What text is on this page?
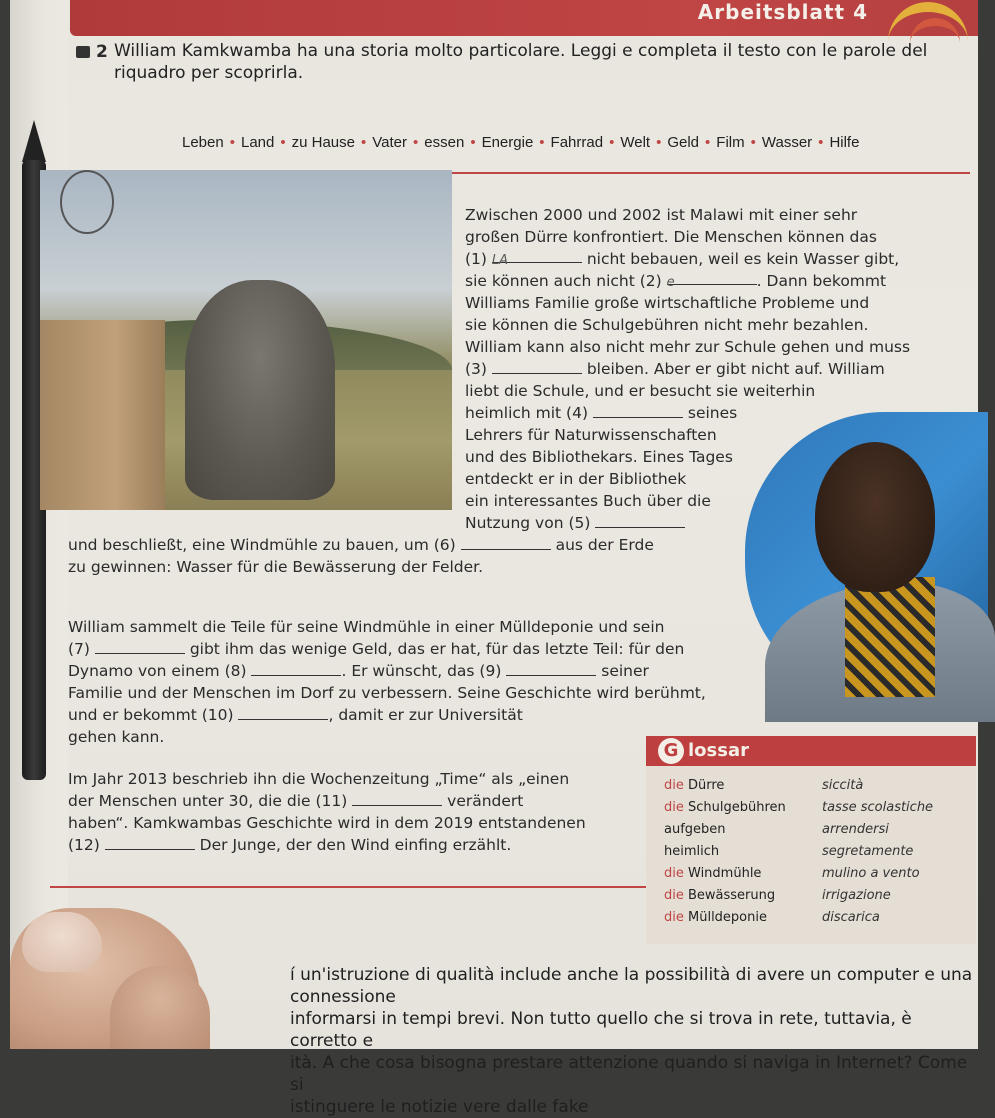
Arbeitsblatt 4
2 William Kamkwamba ha una storia molto particolare. Leggi e completa il testo con le parole del riquadro per scoprirla.
Leben • Land • zu Hause • Vater • essen • Energie • Fahrrad • Welt • Geld • Film • Wasser • Hilfe
Zwischen 2000 und 2002 ist Malawi mit einer sehr
großen Dürre konfrontiert. Die Menschen können das
(1) LA	nicht bebauen, weil es kein Wasser gibt,
sie können auch nicht (2) e	. Dann bekommt
Williams Familie große wirtschaftliche Probleme und
sie können die Schulgebühren nicht mehr bezahlen.
William kann also nicht mehr zur Schule gehen und muss
(3)	bleiben. Aber er gibt nicht auf. William
liebt die Schule, und er besucht sie weiterhin
heimlich mit (4)	seines
Lehrers für Naturwissenschaften
und des Bibliothekars. Eines Tages
entdeckt er in der Bibliothek
ein interessantes Buch über die
Nutzung von (5)
William sammelt die Teile für seine Windmühle in einer Mülldeponie und sein
(7)	gibt ihm das wenige Geld, das er hat, für das letzte Teil: für den
Dynamo von einem (8)	. Er wünscht, das (9)	seiner
Familie und der Menschen im Dorf zu verbessern. Seine Geschichte wird berühmt,
und er bekommt (10)	, damit er zur Universität
gehen kann.
Im Jahr 2013 beschrieb ihn die Wochenzeitung „Time“ als „einen
der Menschen unter 30, die die (11)	verändert
haben“. Kamkwambas Geschichte wird in dem 2019 entstandenen
(12)	Der Junge, der den Wind einfing erzählt.
G lossar
die Dürre	siccità
die Schulgebühren	tasse scolastiche
aufgeben	arrendersi
heimlich	segretamente
die Windmühle	mulino a vento
die Bewässerung	irrigazione
die Mülldeponie	discarica
í un'istruzione di qualità include anche la possibilità di avere un computer e una connessione
informarsi in tempi brevi. Non tutto quello che si trova in rete, tuttavia, è corretto e
ità. A che cosa bisogna prestare attenzione quando si naviga in Internet? Come si
istinguere le notizie vere dalle fake
und beschließt, eine Windmühle zu bauen, um (6)	aus der Erde
zu gewinnen: Wasser für die Bewässerung der Felder.
